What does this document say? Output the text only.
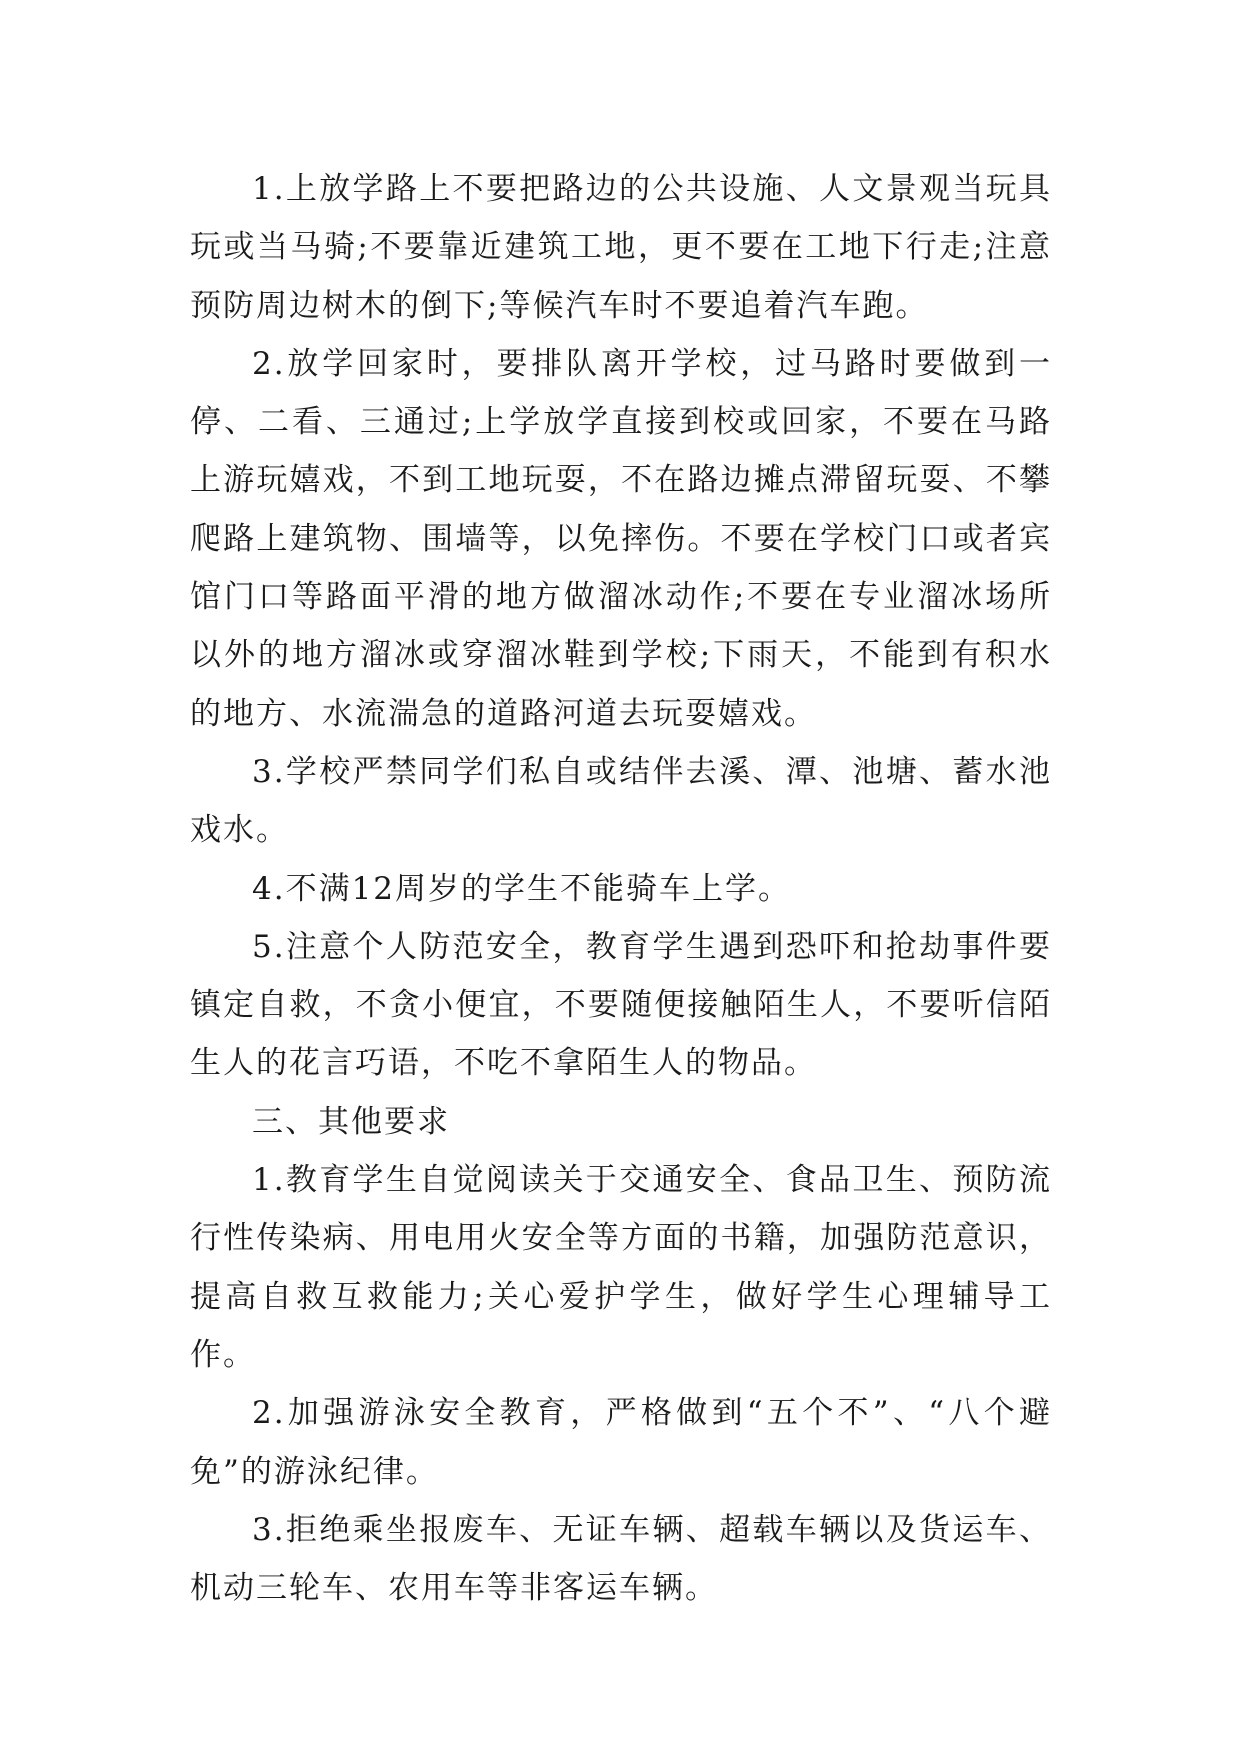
1.上放学路上不要把路边的公共设施、人文景观当玩具玩或当马骑;不要靠近建筑工地，更不要在工地下行走;注意预防周边树木的倒下;等候汽车时不要追着汽车跑。

2.放学回家时，要排队离开学校，过马路时要做到一停、二看、三通过;上学放学直接到校或回家，不要在马路上游玩嬉戏，不到工地玩耍，不在路边摊点滞留玩耍、不攀爬路上建筑物、围墙等，以免摔伤。不要在学校门口或者宾馆门口等路面平滑的地方做溜冰动作;不要在专业溜冰场所以外的地方溜冰或穿溜冰鞋到学校;下雨天，不能到有积水的地方、水流湍急的道路河道去玩耍嬉戏。

3.学校严禁同学们私自或结伴去溪、潭、池塘、蓄水池戏水。

4.不满12周岁的学生不能骑车上学。

5.注意个人防范安全，教育学生遇到恐吓和抢劫事件要镇定自救，不贪小便宜，不要随便接触陌生人，不要听信陌生人的花言巧语，不吃不拿陌生人的物品。

三、其他要求

1.教育学生自觉阅读关于交通安全、食品卫生、预防流行性传染病、用电用火安全等方面的书籍，加强防范意识，提高自救互救能力;关心爱护学生，做好学生心理辅导工作。

2.加强游泳安全教育，严格做到“五个不”、“八个避免”的游泳纪律。

3.拒绝乘坐报废车、无证车辆、超载车辆以及货运车、机动三轮车、农用车等非客运车辆。
